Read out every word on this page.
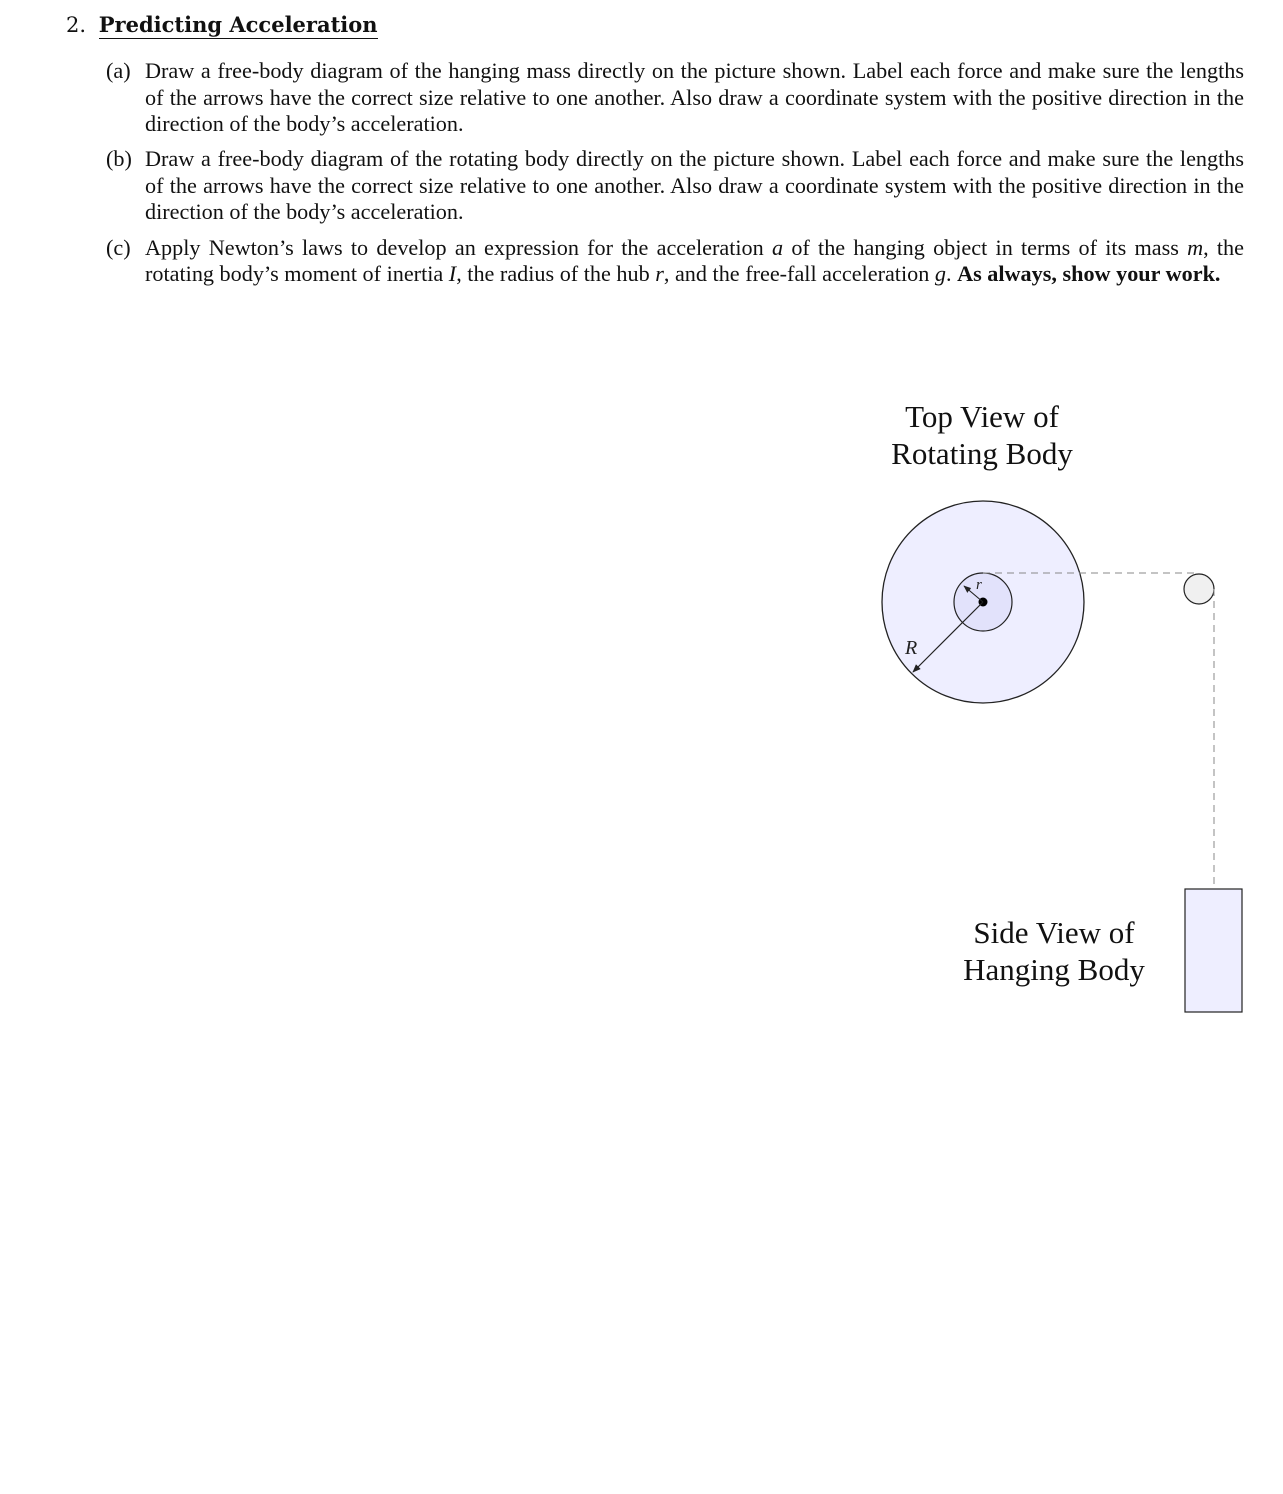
2. Predicting Acceleration
(a) Draw a free-body diagram of the hanging mass directly on the picture shown. Label each force and make sure the lengths of the arrows have the correct size relative to one another. Also draw a coordinate system with the positive direction in the direction of the body’s acceleration.
(b) Draw a free-body diagram of the rotating body directly on the picture shown. Label each force and make sure the lengths of the arrows have the correct size relative to one another. Also draw a coordinate system with the positive direction in the direction of the body’s acceleration.
(c) Apply Newton’s laws to develop an expression for the acceleration a of the hanging object in terms of its mass m, the rotating body’s moment of inertia I, the radius of the hub r, and the free-fall acceleration g. As always, show your work.
Top View of
Rotating Body
Side View of
Hanging Body
R
r
